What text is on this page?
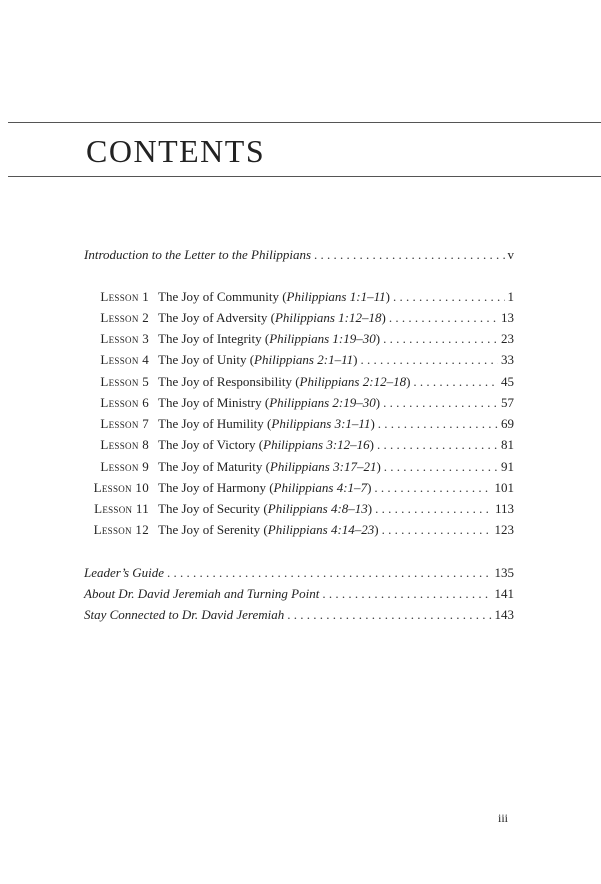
CONTENTS
Introduction to the Letter to the Philippians . . .	v
Lesson 1 The Joy of Community ( Philippians 1:1–11 ) . . .	1
Lesson 2 The Joy of Adversity ( Philippians 1:12–18 ) . . .	13
Lesson 3 The Joy of Integrity ( Philippians 1:19–30 ) . . .	23
Lesson 4 The Joy of Unity ( Philippians 2:1–11 ) . . .	33
Lesson 5 The Joy of Responsibility ( Philippians 2:12–18 ) . . .	45
Lesson 6 The Joy of Ministry ( Philippians 2:19–30 ) . . .	57
Lesson 7 The Joy of Humility ( Philippians 3:1–11 ) . . .	69
Lesson 8 The Joy of Victory ( Philippians 3:12–16 ) . . .	81
Lesson 9 The Joy of Maturity ( Philippians 3:17–21 ) . . .	91
Lesson 10 The Joy of Harmony ( Philippians 4:1–7 ) . . .	101
Lesson 11 The Joy of Security ( Philippians 4:8–13 ) . . .	113
Lesson 12 The Joy of Serenity ( Philippians 4:14–23 ) . . .	123
Leader’s Guide . . .	135
About Dr. David Jeremiah and Turning Point . . .	141
Stay Connected to Dr. David Jeremiah . . .	143
iii
